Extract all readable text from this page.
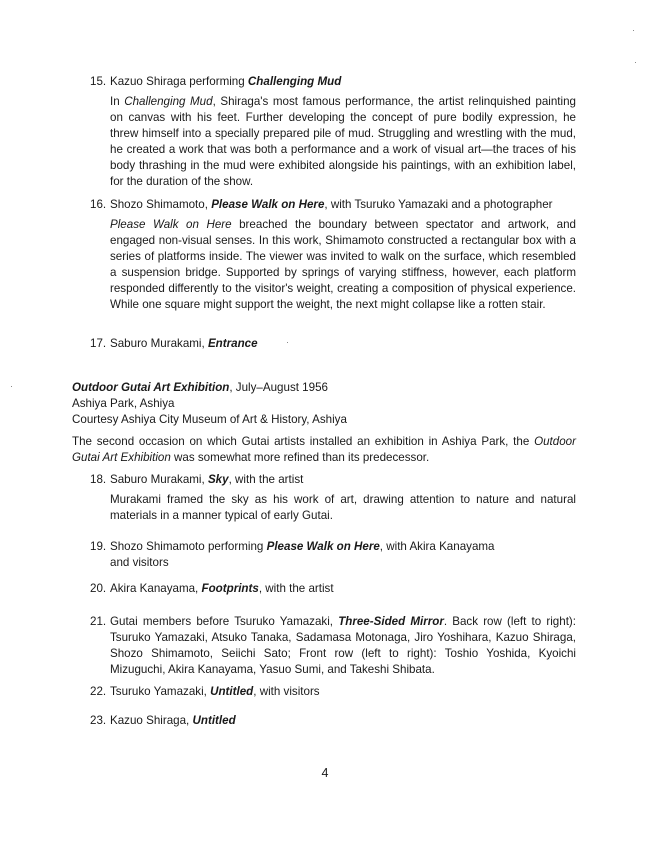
15. Kazuo Shiraga performing Challenging Mud
In Challenging Mud, Shiraga's most famous performance, the artist relinquished painting on canvas with his feet. Further developing the concept of pure bodily expression, he threw himself into a specially prepared pile of mud. Struggling and wrestling with the mud, he created a work that was both a performance and a work of visual art—the traces of his body thrashing in the mud were exhibited alongside his paintings, with an exhibition label, for the duration of the show.
16. Shozo Shimamoto, Please Walk on Here, with Tsuruko Yamazaki and a photographer
Please Walk on Here breached the boundary between spectator and artwork, and engaged non-visual senses. In this work, Shimamoto constructed a rectangular box with a series of platforms inside. The viewer was invited to walk on the surface, which resembled a suspension bridge. Supported by springs of varying stiffness, however, each platform responded differently to the visitor's weight, creating a composition of physical experience. While one square might support the weight, the next might collapse like a rotten stair.
17. Saburo Murakami, Entrance

Outdoor Gutai Art Exhibition, July–August 1956

Ashiya Park, Ashiya

Courtesy Ashiya City Museum of Art & History, Ashiya

The second occasion on which Gutai artists installed an exhibition in Ashiya Park, the Outdoor Gutai Art Exhibition was somewhat more refined than its predecessor.

18. Saburo Murakami, Sky, with the artist
Murakami framed the sky as his work of art, drawing attention to nature and natural materials in a manner typical of early Gutai.
19. Shozo Shimamoto performing Please Walk on Here, with Akira Kanayama
and visitors
20. Akira Kanayama, Footprints, with the artist
21. Gutai members before Tsuruko Yamazaki, Three-Sided Mirror. Back row (left to right): Tsuruko Yamazaki, Atsuko Tanaka, Sadamasa Motonaga, Jiro Yoshihara, Kazuo Shiraga, Shozo Shimamoto, Seiichi Sato; Front row (left to right): Toshio Yoshida, Kyoichi Mizuguchi, Akira Kanayama, Yasuo Sumi, and Takeshi Shibata.
22. Tsuruko Yamazaki, Untitled, with visitors
23. Kazuo Shiraga, Untitled
4
·
·
·
·
